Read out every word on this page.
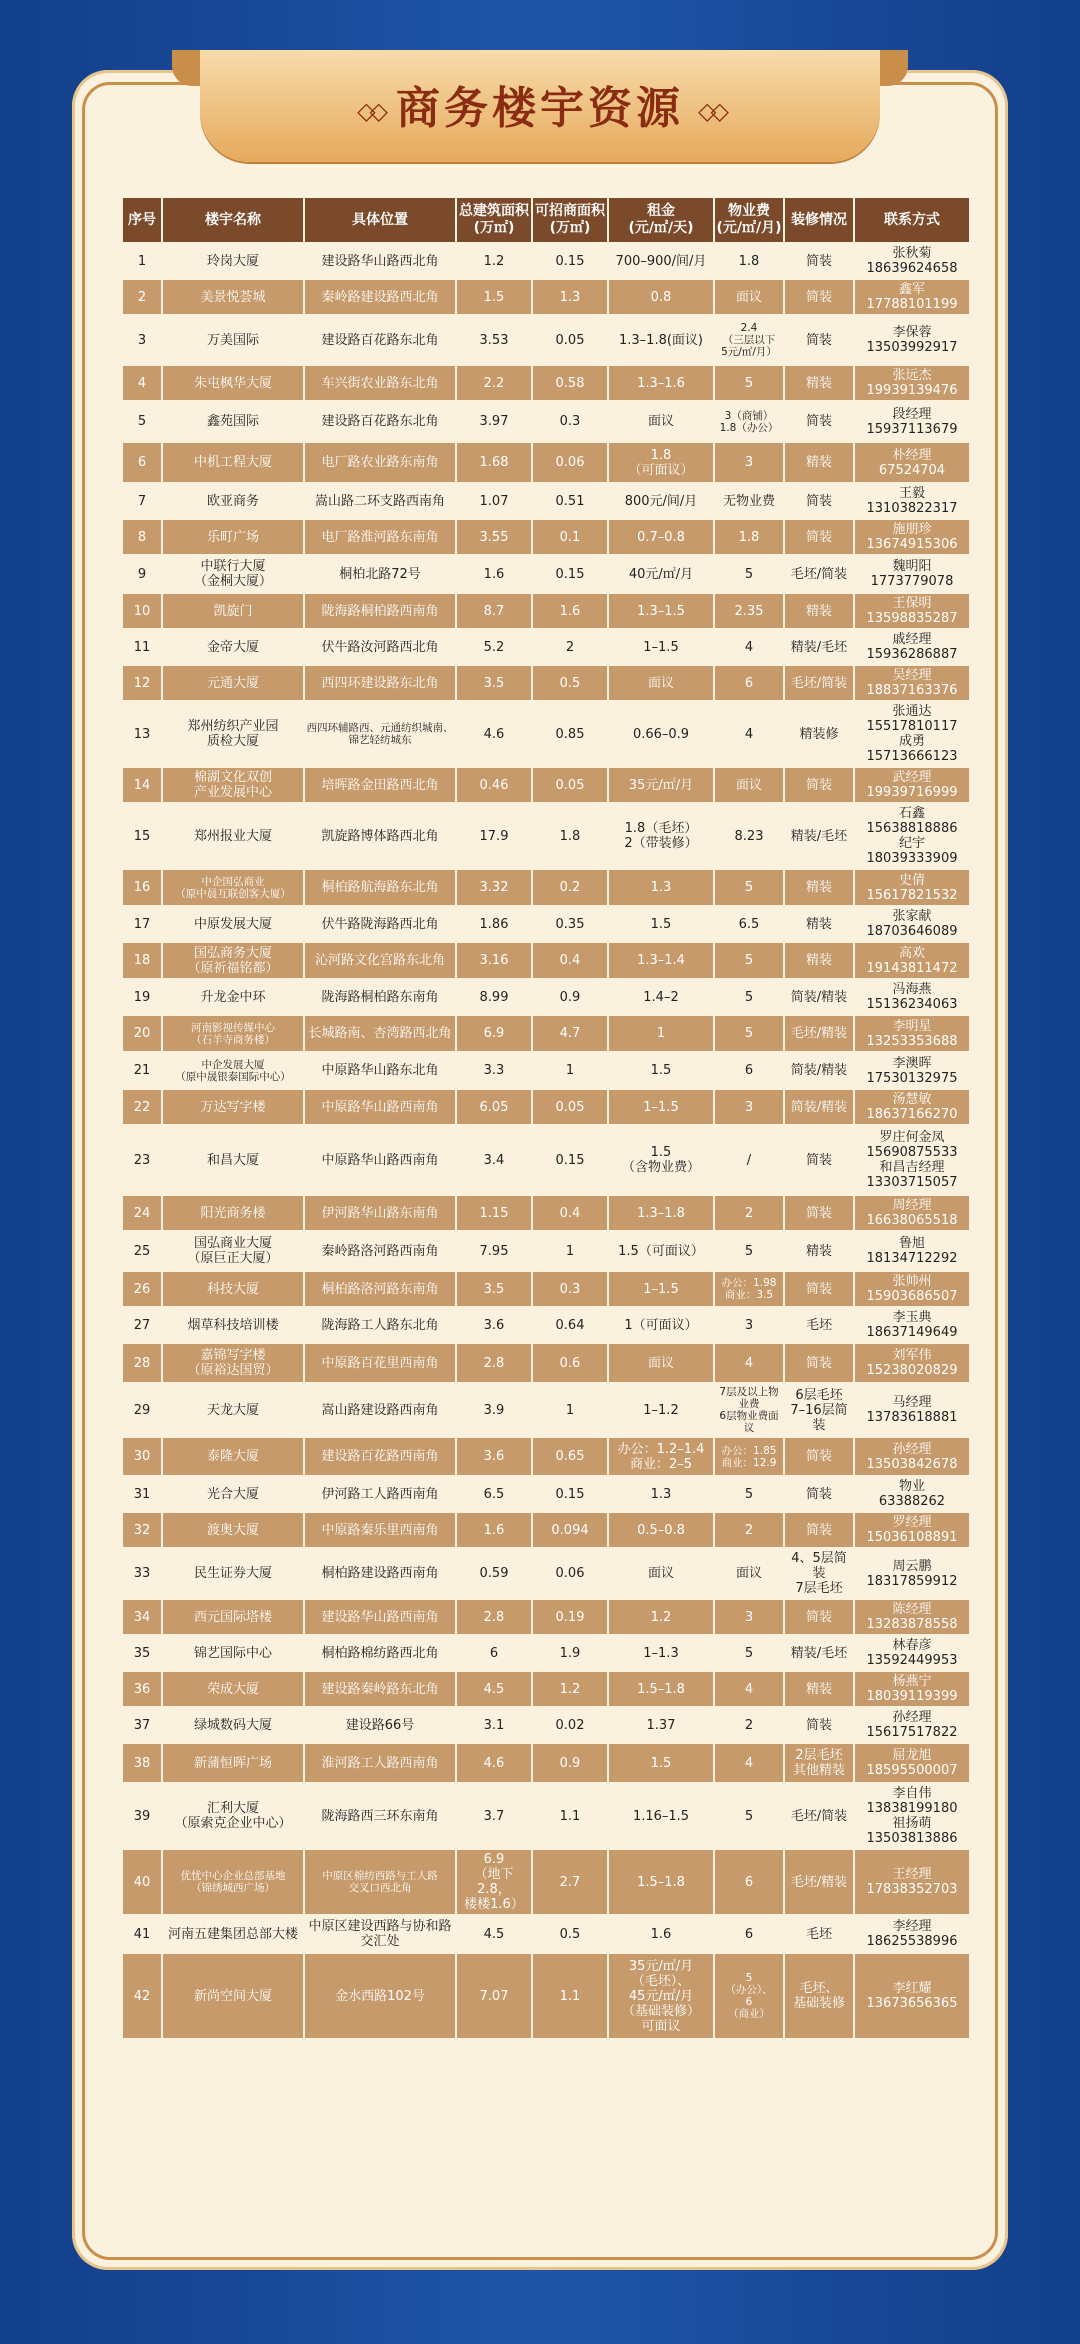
◇◇ 商务楼宇资源 ◇◇
序号	楼宇名称	具体位置	总建筑面积
(万㎡)	可招商面积
(万㎡)	租金
(元/㎡/天)	物业费
(元/㎡/月)	装修情况	联系方式
1	玲岗大厦	建设路华山路西北角	1.2	0.15	700–900/间/月	1.8	简装	张秋菊
18639624658
2	美景悦荟城	秦岭路建设路西北角	1.5	1.3	0.8	面议	简装	鑫军
17788101199
3	万美国际	建设路百花路东北角	3.53	0.05	1.3–1.8(面议)	2.4
（三层以下
5元/㎡/月）	简装	李保蓉
13503992917
4	朱屯枫华大厦	车兴街农业路东北角	2.2	0.58	1.3–1.6	5	精装	张远杰
19939139476
5	鑫苑国际	建设路百花路东北角	3.97	0.3	面议	3（商铺）
1.8（办公）	简装	段经理
15937113679
6	中机工程大厦	电厂路农业路东南角	1.68	0.06	1.8
（可面议）	3	精装	朴经理
67524704
7	欧亚商务	嵩山路二环支路西南角	1.07	0.51	800元/间/月	无物业费	简装	王毅
13103822317
8	乐町广场	电厂路淮河路东南角	3.55	0.1	0.7–0.8	1.8	简装	施朋珍
13674915306
9	中联行大厦
（金桐大厦）	桐柏北路72号	1.6	0.15	40元/㎡/月	5	毛坯/简装	魏明阳
1773779078
10	凯旋门	陇海路桐柏路西南角	8.7	1.6	1.3–1.5	2.35	精装	王保明
13598835287
11	金帝大厦	伏牛路汝河路西北角	5.2	2	1–1.5	4	精装/毛坯	戚经理
15936286887
12	元通大厦	西四环建设路东北角	3.5	0.5	面议	6	毛坯/简装	吴经理
18837163376
13	郑州纺织产业园
质检大厦	西四环辅路西、元通纺织城南、
锦艺轻纺城东	4.6	0.85	0.66–0.9	4	精装修	张通达
15517810117
成勇
15713666123
14	棉湖文化双创
产业发展中心	培晖路金田路西北角	0.46	0.05	35元/㎡/月	面议	简装	武经理
19939716999
15	郑州报业大厦	凯旋路博体路西北角	17.9	1.8	1.8（毛坯）
2（带装修）	8.23	精装/毛坯	石鑫
15638818886
纪宇
18039333909
16	中企国弘商业
（原中晨互联创客大厦）	桐柏路航海路东北角	3.32	0.2	1.3	5	精装	史倩
15617821532
17	中原发展大厦	伏牛路陇海路西北角	1.86	0.35	1.5	6.5	精装	张家献
18703646089
18	国弘商务大厦
（原祈福铭都）	沁河路文化宫路东北角	3.16	0.4	1.3–1.4	5	精装	高欢
19143811472
19	升龙金中环	陇海路桐柏路东南角	8.99	0.9	1.4–2	5	简装/精装	冯海燕
15136234063
20	河南影视传媒中心
（石羊寺商务楼）	长城路南、杏湾路西北角	6.9	4.7	1	5	毛坯/精装	李明星
13253353688
21	中企发展大厦
（原中晟银泰国际中心）	中原路华山路东北角	3.3	1	1.5	6	简装/精装	李澳晖
17530132975
22	万达写字楼	中原路华山路西南角	6.05	0.05	1–1.5	3	简装/精装	汤慧敏
18637166270
23	和昌大厦	中原路华山路西南角	3.4	0.15	1.5
（含物业费）	/	简装	罗庄何金凤
15690875533
和昌吉经理
13303715057
24	阳光商务楼	伊河路华山路东南角	1.15	0.4	1.3–1.8	2	简装	周经理
16638065518
25	国弘商业大厦
（原巨正大厦）	秦岭路洛河路西南角	7.95	1	1.5（可面议）	5	精装	鲁旭
18134712292
26	科技大厦	桐柏路洛河路东南角	3.5	0.3	1–1.5	办公：1.98
商业：3.5	简装	张帅州
15903686507
27	烟草科技培训楼	陇海路工人路东北角	3.6	0.64	1（可面议）	3	毛坯	李玉典
18637149649
28	嘉锦写字楼
（原裕达国贸）	中原路百花里西南角	2.8	0.6	面议	4	简装	刘军伟
15238020829
29	天龙大厦	嵩山路建设路西南角	3.9	1	1–1.2	7层及以上物业费
6层物业费面议	6层毛坯
7–16层简装	马经理
13783618881
30	泰隆大厦	建设路百花路西南角	3.6	0.65	办公：1.2–1.4
商业：2–5	办公：1.85
商业：12.9	简装	孙经理
13503842678
31	光合大厦	伊河路工人路西南角	6.5	0.15	1.3	5	简装	物业
63388262
32	渡奥大厦	中原路秦乐里西南角	1.6	0.094	0.5–0.8	2	简装	罗经理
15036108891
33	民生证券大厦	桐柏路建设路西南角	0.59	0.06	面议	面议	4、5层简装
7层毛坯	周云鹏
18317859912
34	西元国际塔楼	建设路华山路西南角	2.8	0.19	1.2	3	简装	陈经理
13283878558
35	锦艺国际中心	桐柏路棉纺路西北角	6	1.9	1–1.3	5	精装/毛坯	林春彦
13592449953
36	荣成大厦	建设路秦岭路东北角	4.5	1.2	1.5–1.8	4	精装	杨燕宁
18039119399
37	绿城数码大厦	建设路66号	3.1	0.02	1.37	2	简装	孙经理
15617517822
38	新蒲恒晖广场	淮河路工人路西南角	4.6	0.9	1.5	4	2层毛坯
其他精装	屈龙旭
18595500007
39	汇利大厦
（原索克企业中心）	陇海路西三环东南角	3.7	1.1	1.16–1.5	5	毛坯/简装	李自伟
13838199180
祖扬萌
13503813886
40	优忧中心企业总部基地
（锦绣城西广场）	中原区棉纺西路与工人路
交叉口西北角	6.9
（地下2.8，
楼楼1.6）	2.7	1.5–1.8	6	毛坯/精装	王经理
17838352703
41	河南五建集团总部大楼	中原区建设西路与协和路
交汇处	4.5	0.5	1.6	6	毛坯	李经理
18625538996
42	新尚空间大厦	金水西路102号	7.07	1.1	35元/㎡/月
（毛坯）、
45元/㎡/月
（基础装修）
可面议	5
（办公）、
6
（商业）	毛坯、
基础装修	李红耀
13673656365
